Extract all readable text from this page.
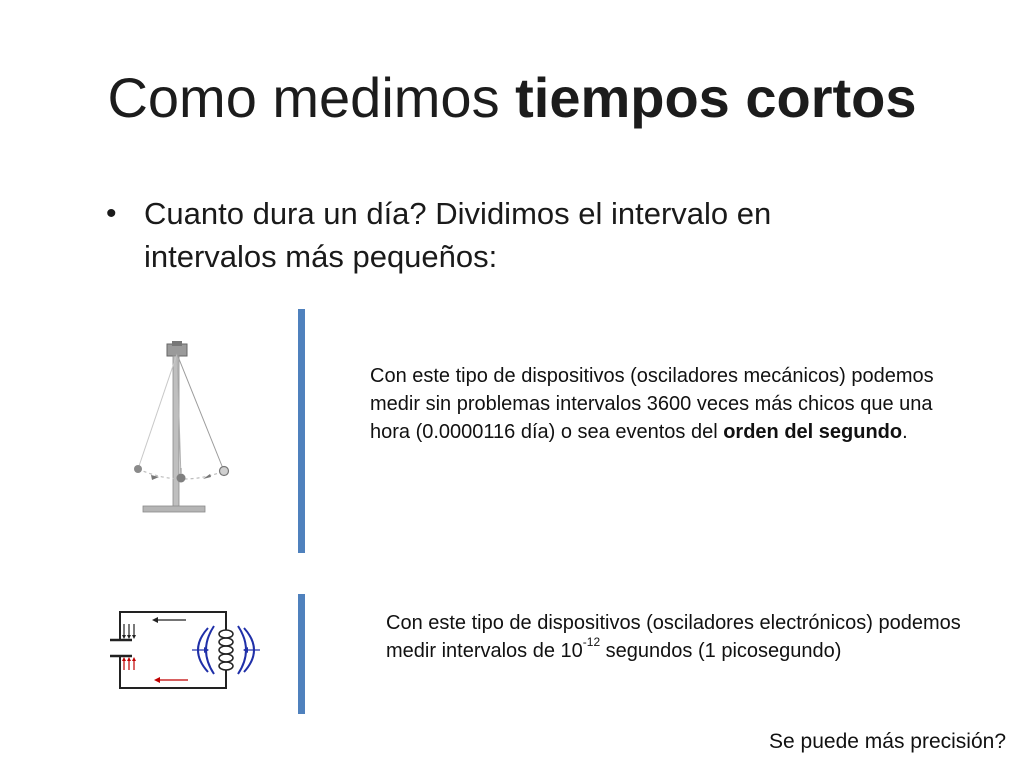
Como medimos tiempos cortos
• Cuanto dura un día? Dividimos el intervalo en intervalos más pequeños:
Con este tipo de dispositivos (osciladores mecánicos) podemos medir sin problemas intervalos 3600 veces más chicos que una hora (0.0000116 día) o sea eventos del orden del segundo.
Con este tipo de dispositivos (osciladores electrónicos) podemos medir intervalos de $10^{-12}$ segundos (1 picosegundo)
Se puede más precisión?
